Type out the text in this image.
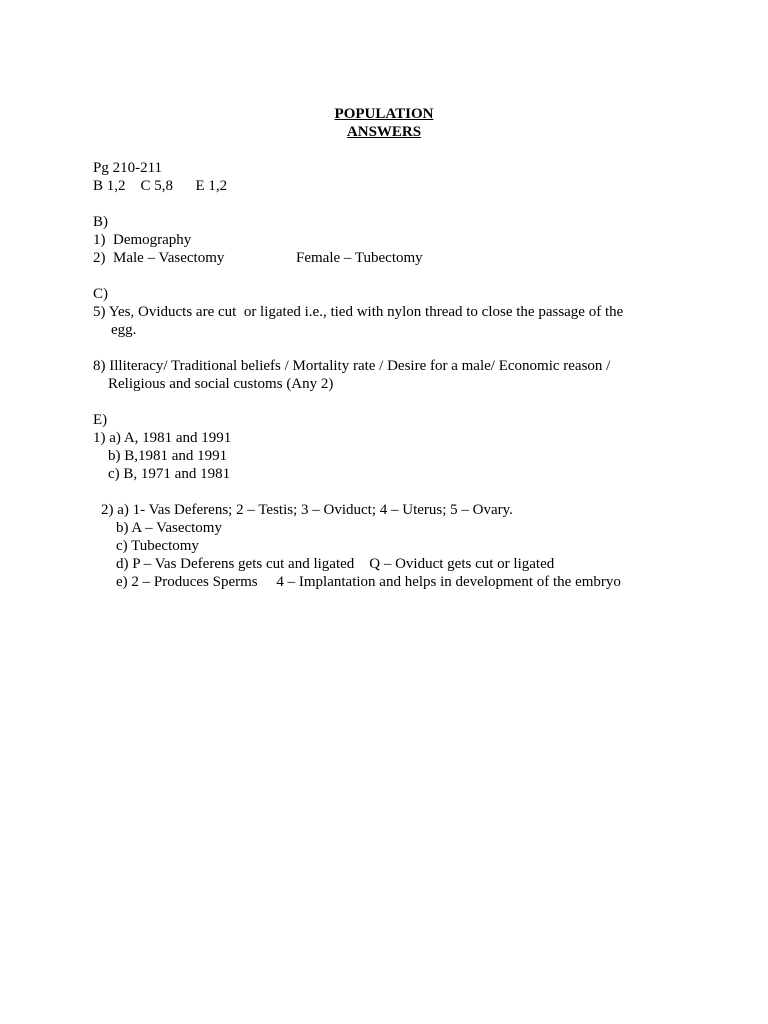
POPULATION
ANSWERS
Pg 210-211
B 1,2    C 5,8      E 1,2
B)
1)  Demography
2)  Male – Vasectomy	Female – Tubectomy
C)
5) Yes, Oviducts are cut  or ligated i.e., tied with nylon thread to close the passage of the
egg.
8) Illiteracy/ Traditional beliefs / Mortality rate / Desire for a male/ Economic reason /
Religious and social customs (Any 2)
E)
1) a) A, 1981 and 1991
b) B,1981 and 1991
c) B, 1971 and 1981
2) a) 1- Vas Deferens; 2 – Testis; 3 – Oviduct; 4 – Uterus; 5 – Ovary.
b) A – Vasectomy
c) Tubectomy
d) P – Vas Deferens gets cut and ligated    Q – Oviduct gets cut or ligated
e) 2 – Produces Sperms     4 – Implantation and helps in development of the embryo
